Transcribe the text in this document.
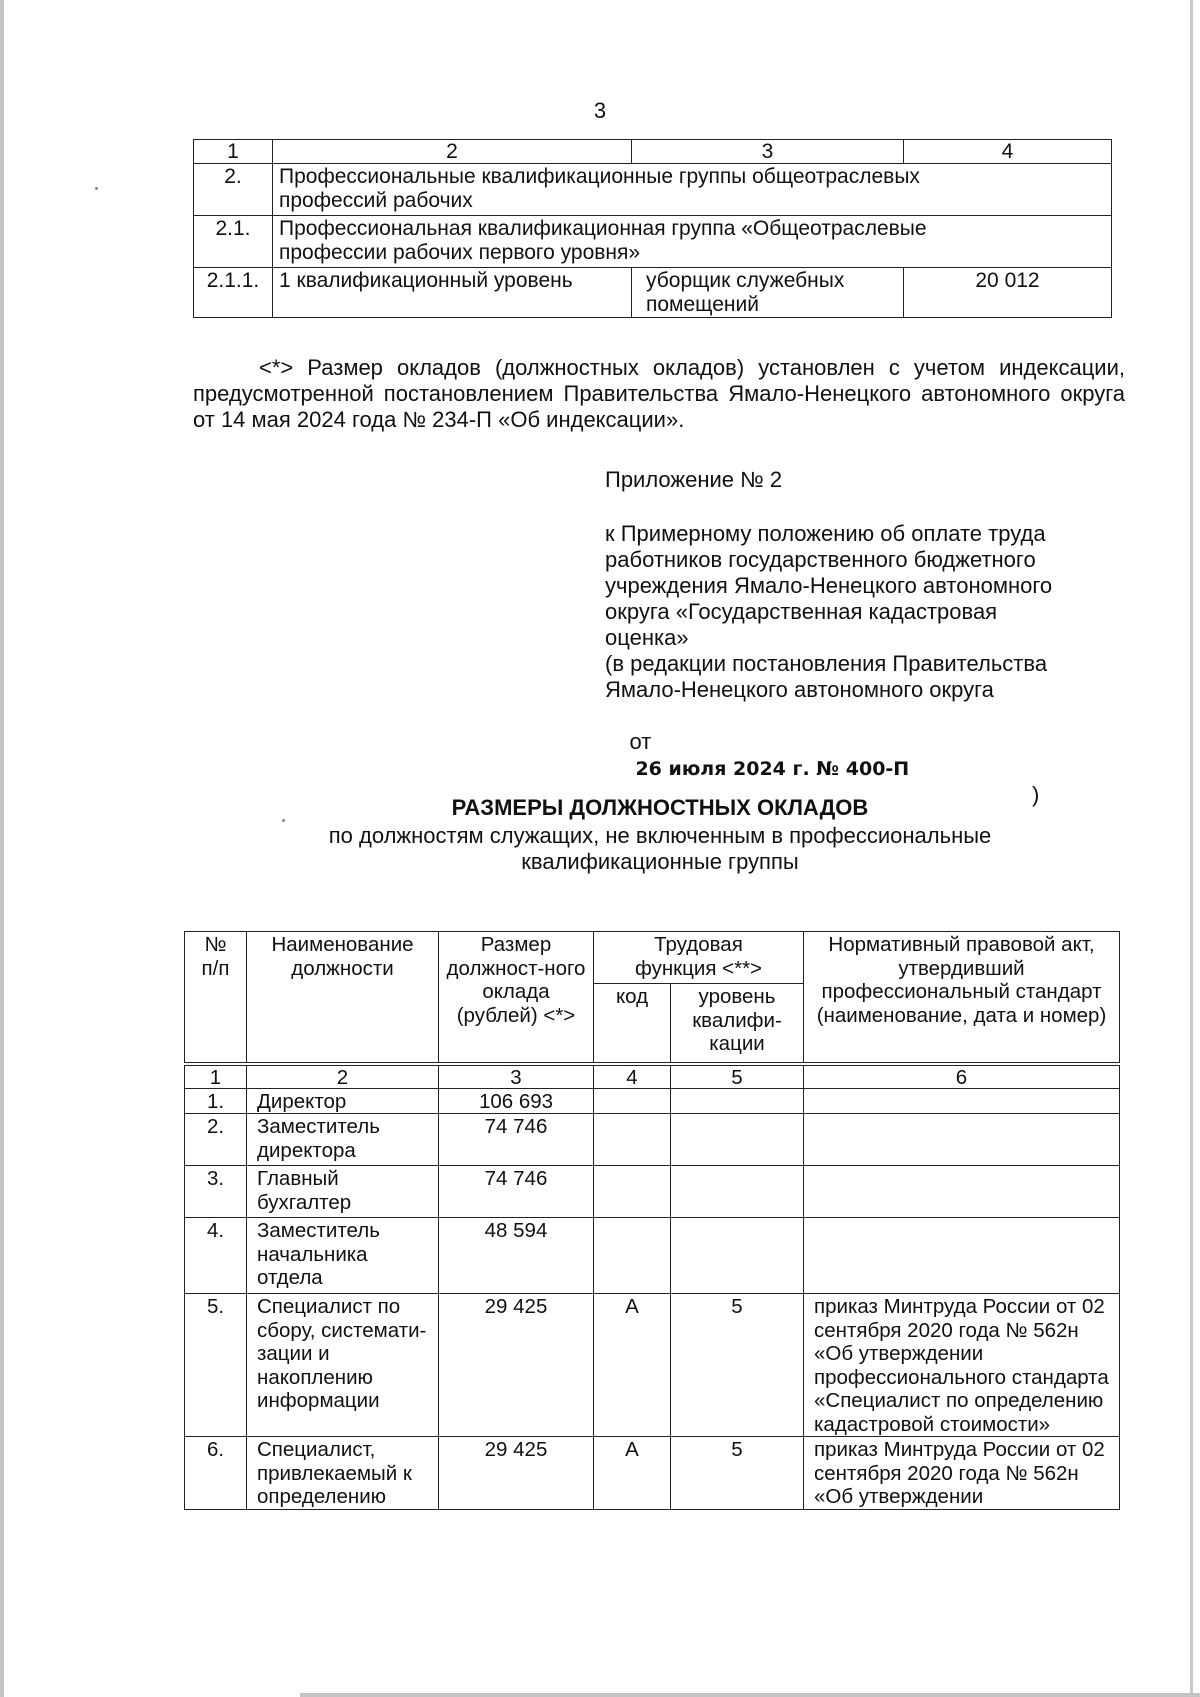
3
1	2	3	4
2.	Профессиональные квалификационные группы общеотраслевых профессий рабочих		
2.1.	Профессиональная квалификационная группа «Общеотраслевые профессии рабочих первого уровня»		
2.1.1.	1 квалификационный уровень	уборщик служебных помещений	20 012
<*> Размер окладов (должностных окладов) установлен с учетом индексации, предусмотренной постановлением Правительства Ямало-Ненецкого автономного округа от 14 мая 2024 года № 234-П «Об индексации».
Приложение № 2
к Примерному положению об оплате труда
работников государственного бюджетного
учреждения Ямало-Ненецкого автономного
округа «Государственная кадастровая
оценка»
(в редакции постановления Правительства
Ямало-Ненецкого автономного округа

от
26 июля 2024 г. № 400-П

)

РАЗМЕРЫ ДОЛЖНОСТНЫХ ОКЛАДОВ
по должностям служащих, не включенным в профессиональные
квалификационные группы
№ п/п	Наименование должности	Размер должност-ного оклада (рублей) <*>	Трудовая функция <**>		Нормативный правовой акт, утвердивший профессиональный стандарт (наименование, дата и номер)
			код	уровень квалифи-кации	
1	2	3	4	5	6
1.	Директор	106 693			
2.	Заместитель директора	74 746			
3.	Главный бухгалтер	74 746			
4.	Заместитель начальника отдела	48 594			
5.	Специалист по сбору, системати-зации и накоплению информации	29 425	A	5	приказ Минтруда России от 02 сентября 2020 года № 562н «Об утверждении профессионального стандарта «Специалист по определению кадастровой стоимости»
6.	Специалист, привлекаемый к определению	29 425	A	5	приказ Минтруда России от 02 сентября 2020 года № 562н «Об утверждении
